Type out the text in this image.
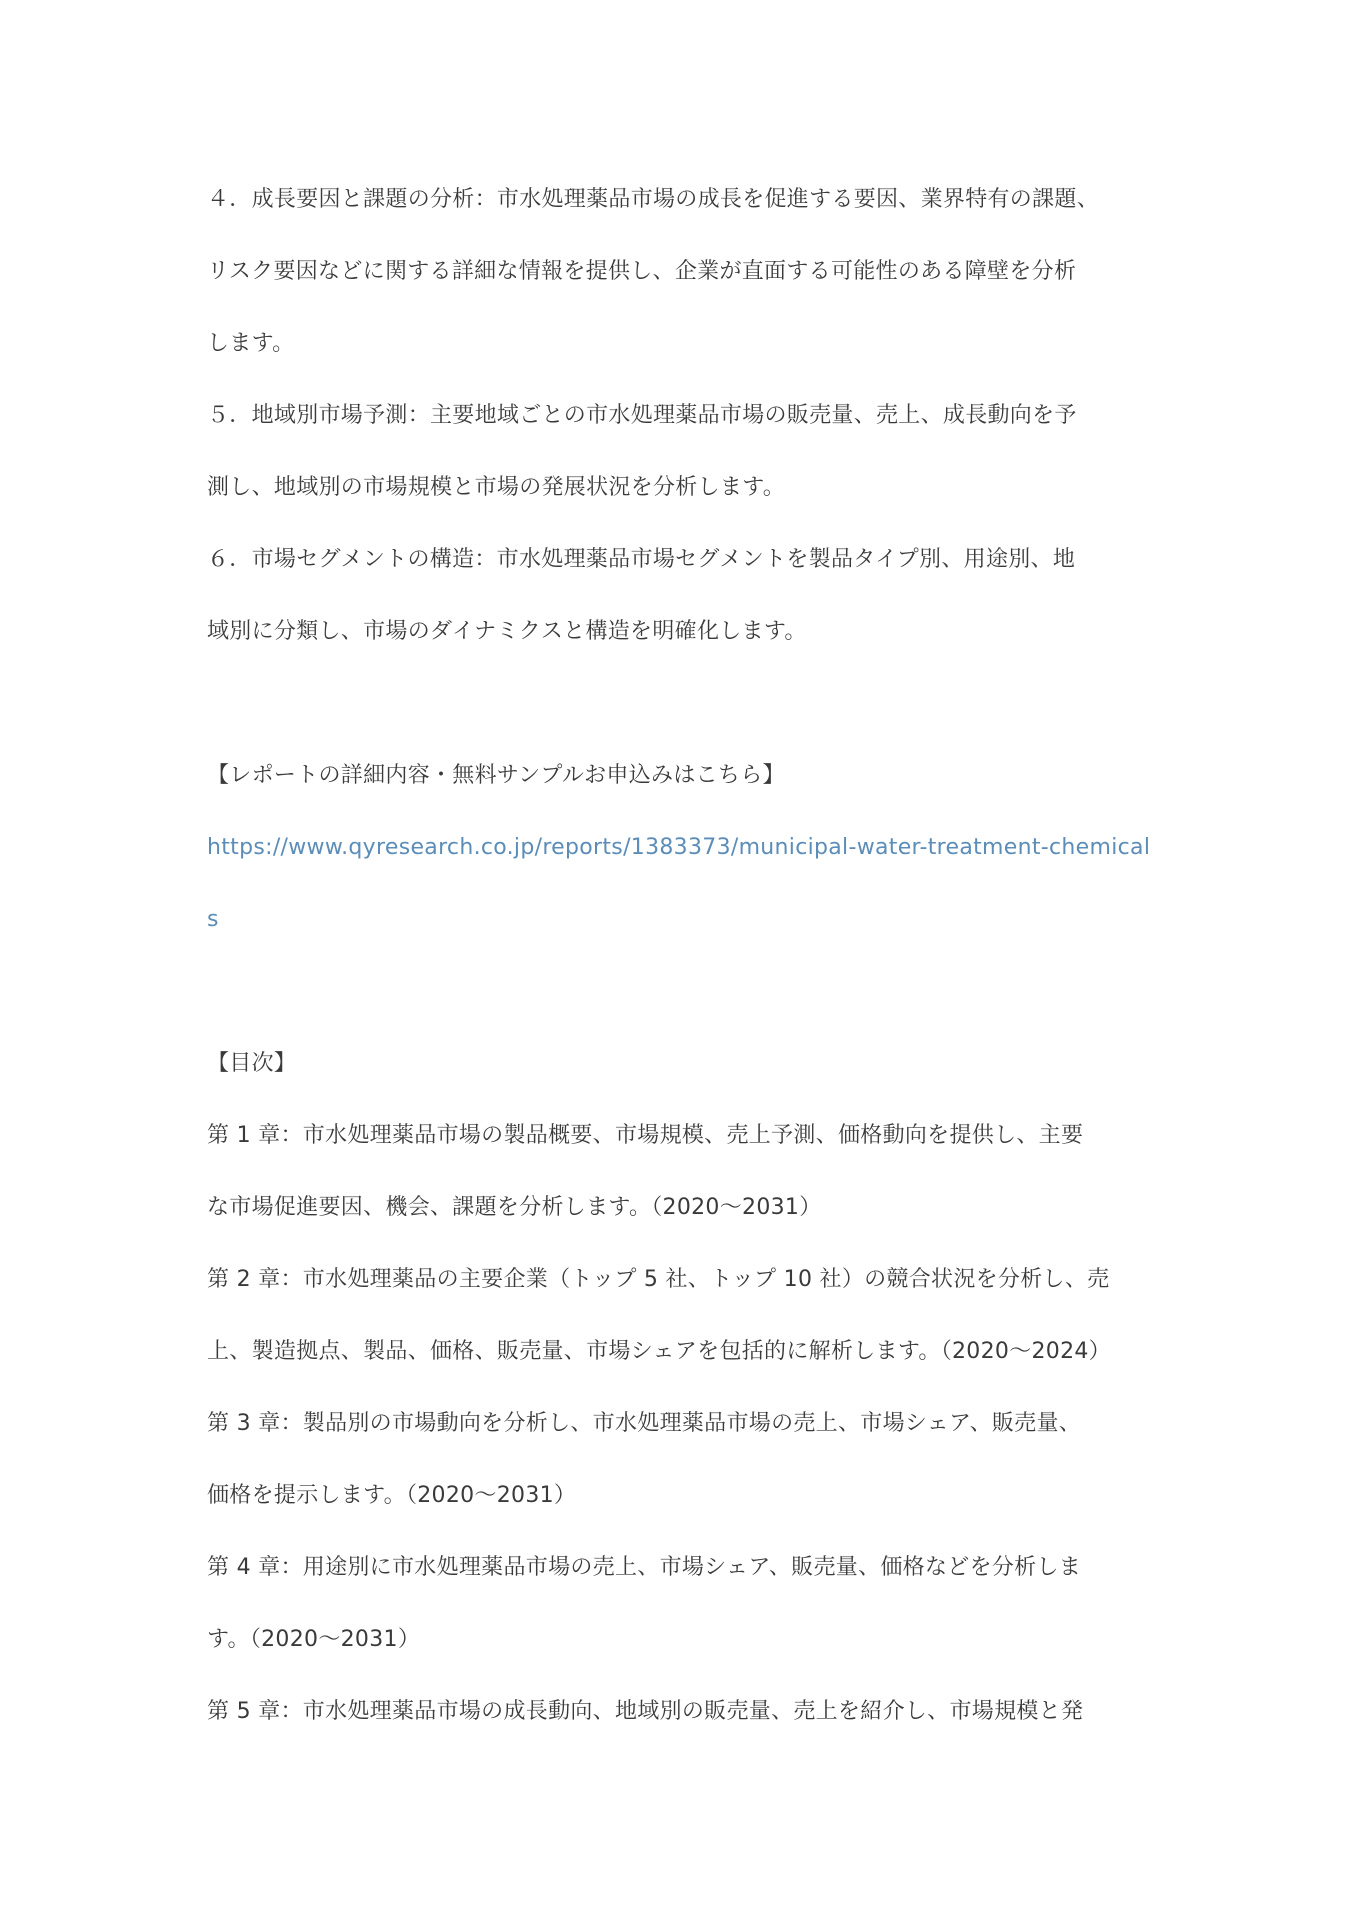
４．成長要因と課題の分析：市水処理薬品市場の成長を促進する要因、業界特有の課題、
リスク要因などに関する詳細な情報を提供し、企業が直面する可能性のある障壁を分析
します。
５．地域別市場予測：主要地域ごとの市水処理薬品市場の販売量、売上、成長動向を予
測し、地域別の市場規模と市場の発展状況を分析します。
６．市場セグメントの構造：市水処理薬品市場セグメントを製品タイプ別、用途別、地
域別に分類し、市場のダイナミクスと構造を明確化します。
【レポートの詳細内容・無料サンプルお申込みはこちら】
https://www.qyresearch.co.jp/reports/1383373/municipal-water-treatment-chemical
s
【目次】
第 1 章：市水処理薬品市場の製品概要、市場規模、売上予測、価格動向を提供し、主要
な市場促進要因、機会、課題を分析します。（2020～2031）
第 2 章：市水処理薬品の主要企業（トップ 5 社、トップ 10 社）の競合状況を分析し、売
上、製造拠点、製品、価格、販売量、市場シェアを包括的に解析します。（2020～2024）
第 3 章：製品別の市場動向を分析し、市水処理薬品市場の売上、市場シェア、販売量、
価格を提示します。（2020～2031）
第 4 章：用途別に市水処理薬品市場の売上、市場シェア、販売量、価格などを分析しま
す。（2020～2031）
第 5 章：市水処理薬品市場の成長動向、地域別の販売量、売上を紹介し、市場規模と発
